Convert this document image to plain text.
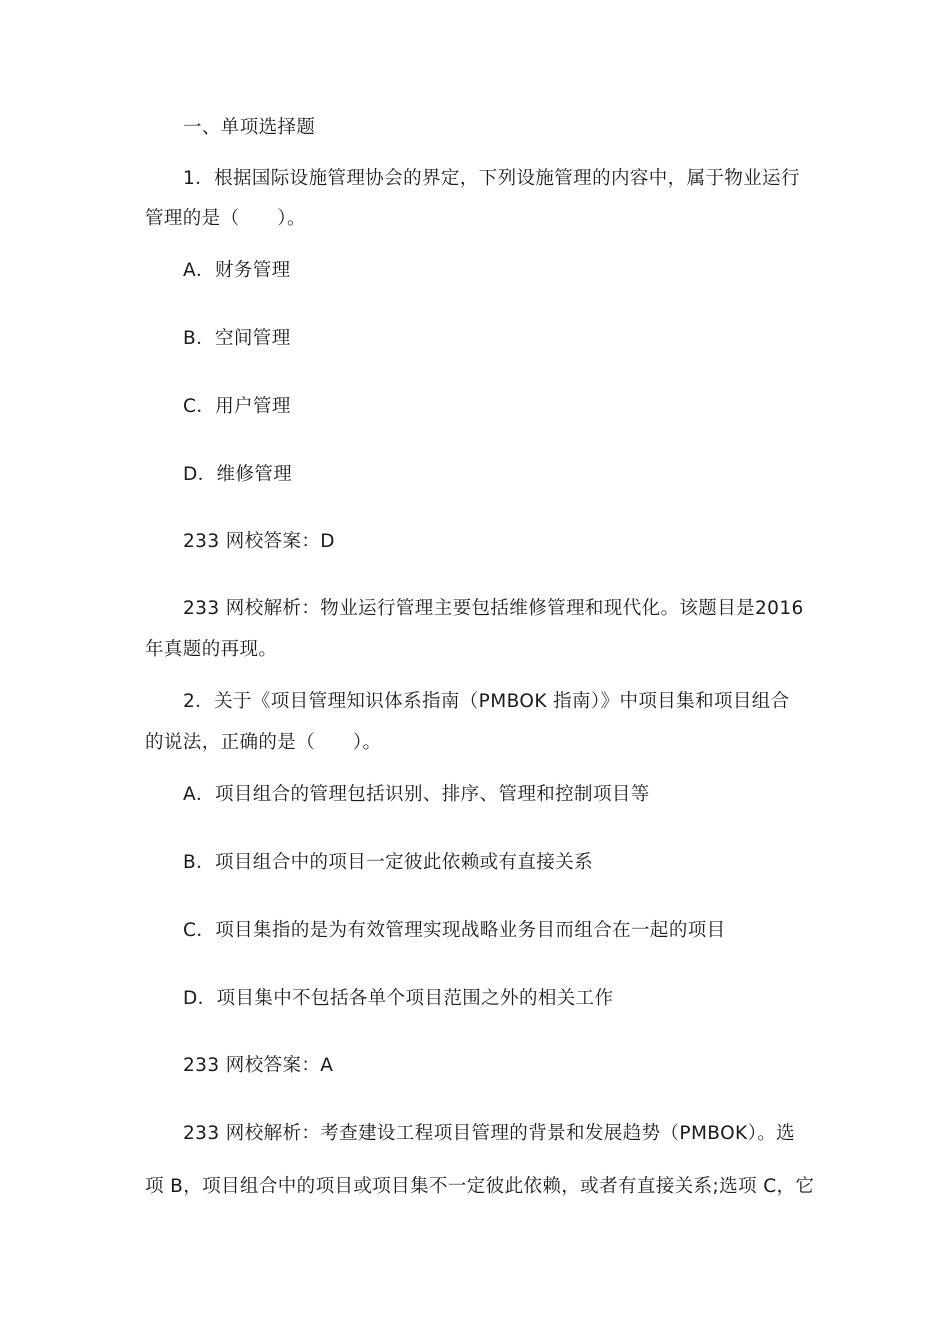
一、单项选择题
1．根据国际设施管理协会的界定，下列设施管理的内容中，属于物业运行
管理的是（　　）。
A．财务管理
B．空间管理
C．用户管理
D．维修管理
233 网校答案：D
233 网校解析：物业运行管理主要包括维修管理和现代化。该题目是2016
年真题的再现。
2．关于《项目管理知识体系指南（PMBOK 指南）》中项目集和项目组合
的说法，正确的是（　　）。
A．项目组合的管理包括识别、排序、管理和控制项目等
B．项目组合中的项目一定彼此依赖或有直接关系
C．项目集指的是为有效管理实现战略业务目而组合在一起的项目
D．项目集中不包括各单个项目范围之外的相关工作
233 网校答案：A
233 网校解析：考查建设工程项目管理的背景和发展趋势（PMBOK）。选
项 B，项目组合中的项目或项目集不一定彼此依赖，或者有直接关系;选项 C，它
